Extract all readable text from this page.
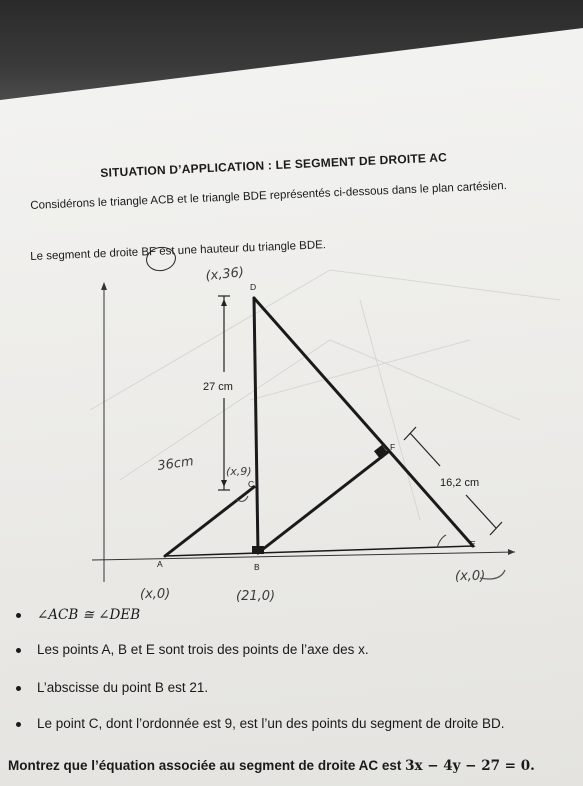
SITUATION D’APPLICATION : LE SEGMENT DE DROITE AC
Considérons le triangle ACB et le triangle BDE représentés ci-dessous dans le plan cartésien.
Le segment de droite BF est une hauteur du triangle BDE.
27 cm
16,2 cm
D
C
A	B
E
F
(x,36)
(x,9)
(x,0)	(21,0)
(x,0)
36cm
∠ACB ≅ ∠DEB
Les points A, B et E sont trois des points de l’axe des x.
L’abscisse du point B est 21.
Le point C, dont l’ordonnée est 9, est l’un des points du segment de droite BD.
Montrez que l’équation associée au segment de droite AC est 3x − 4y − 27 = 0.
